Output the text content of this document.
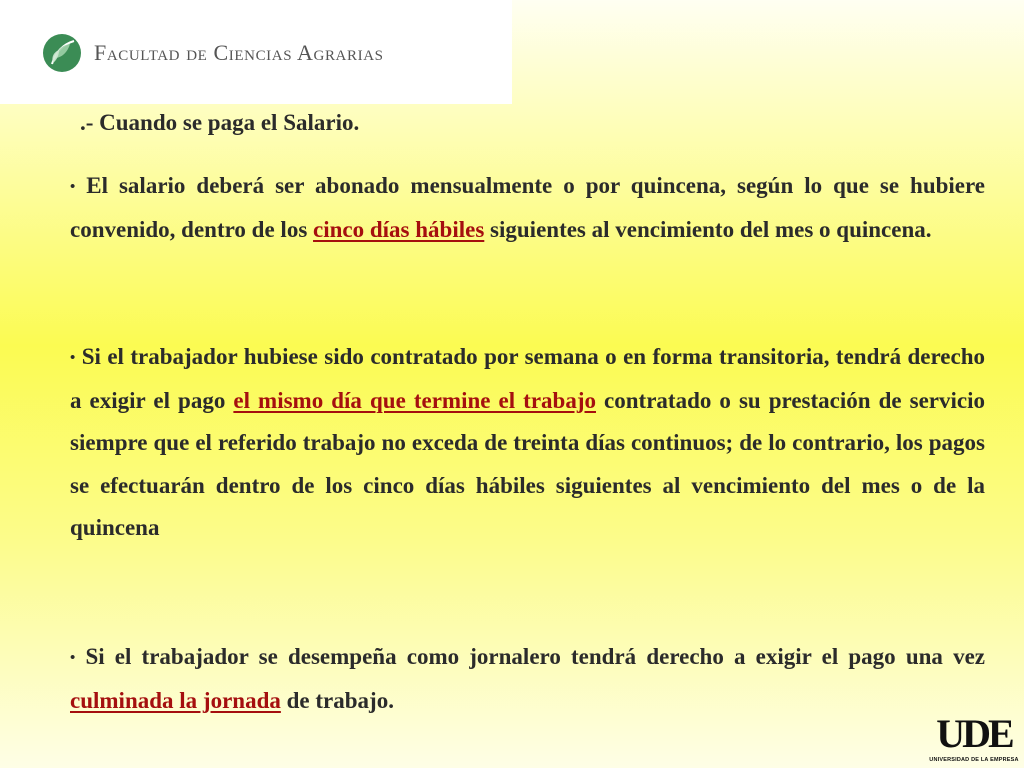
Facultad de Ciencias Agrarias
.- Cuando se paga el Salario.
• El salario deberá ser abonado mensualmente o por quincena, según lo que se hubiere convenido, dentro de los cinco días hábiles siguientes al vencimiento del mes o quincena.
• Si el trabajador hubiese sido contratado por semana o en forma transitoria, tendrá derecho a exigir el pago el mismo día que termine el trabajo contratado o su prestación de servicio siempre que el referido trabajo no exceda de treinta días continuos; de lo contrario, los pagos se efectuarán dentro de los cinco días hábiles siguientes al vencimiento del mes o de la quincena
• Si el trabajador se desempeña como jornalero tendrá derecho a exigir el pago una vez culminada la jornada de trabajo.
UDE
UNIVERSIDAD DE LA EMPRESA
